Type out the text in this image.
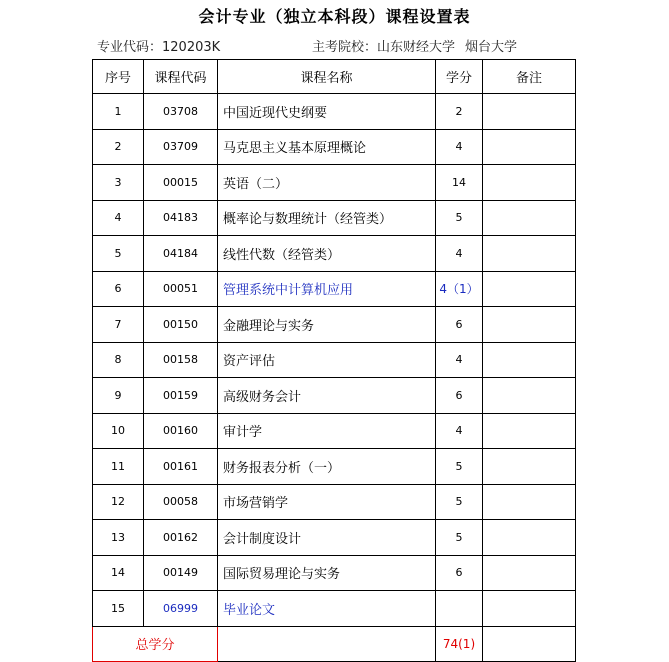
会计专业（独立本科段）课程设置表
专业代码：120203K	主考院校：山东财经大学 烟台大学
序号	课程代码	课程名称	学分	备注
1	03708	中国近现代史纲要	2	
2	03709	马克思主义基本原理概论	4	
3	00015	英语（二）	14	
4	04183	概率论与数理统计（经管类）	5	
5	04184	线性代数（经管类）	4	
6	00051	管理系统中计算机应用	4（1）	
7	00150	金融理论与实务	6	
8	00158	资产评估	4	
9	00159	高级财务会计	6	
10	00160	审计学	4	
11	00161	财务报表分析（一）	5	
12	00058	市场营销学	5	
13	00162	会计制度设计	5	
14	00149	国际贸易理论与实务	6	
15	06999	毕业论文		
总学分			74(1)	
